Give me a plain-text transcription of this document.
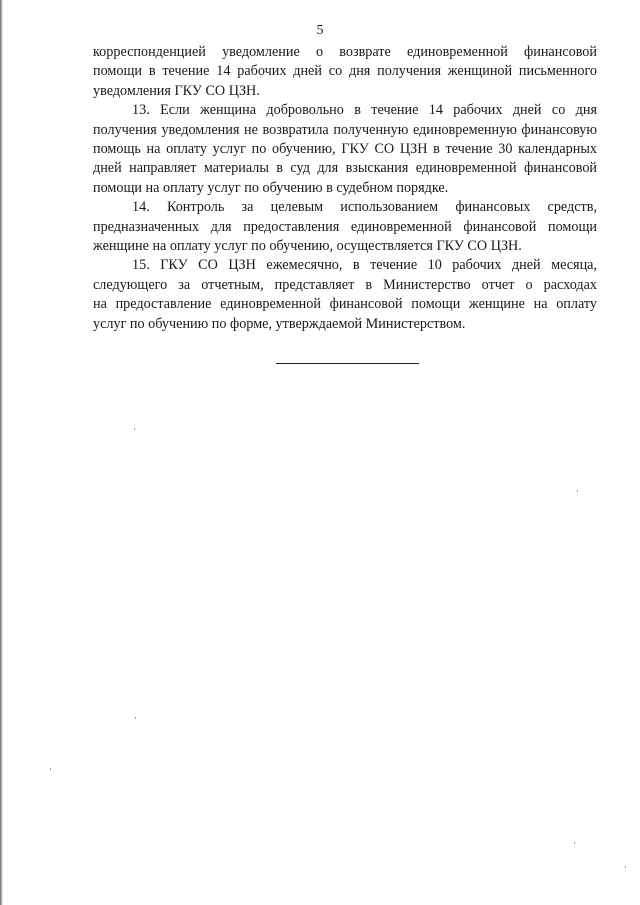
5

корреспонденцией уведомление о возврате единовременной финансовой
помощи в течение 14 рабочих дней со дня получения женщиной письменного
уведомления ГКУ СО ЦЗН.

13. Если женщина добровольно в течение 14 рабочих дней со дня
получения уведомления не возвратила полученную единовременную финансовую
помощь на оплату услуг по обучению, ГКУ СО ЦЗН в течение 30 календарных
дней направляет материалы в суд для взыскания единовременной финансовой
помощи на оплату услуг по обучению в судебном порядке.

14. Контроль за целевым использованием финансовых средств,
предназначенных для предоставления единовременной финансовой помощи
женщине на оплату услуг по обучению, осуществляется ГКУ СО ЦЗН.

15. ГКУ СО ЦЗН ежемесячно, в течение 10 рабочих дней месяца,
следующего за отчетным, представляет в Министерство отчет о расходах
на предоставление единовременной финансовой помощи женщине на оплату
услуг по обучению по форме, утверждаемой Министерством.
